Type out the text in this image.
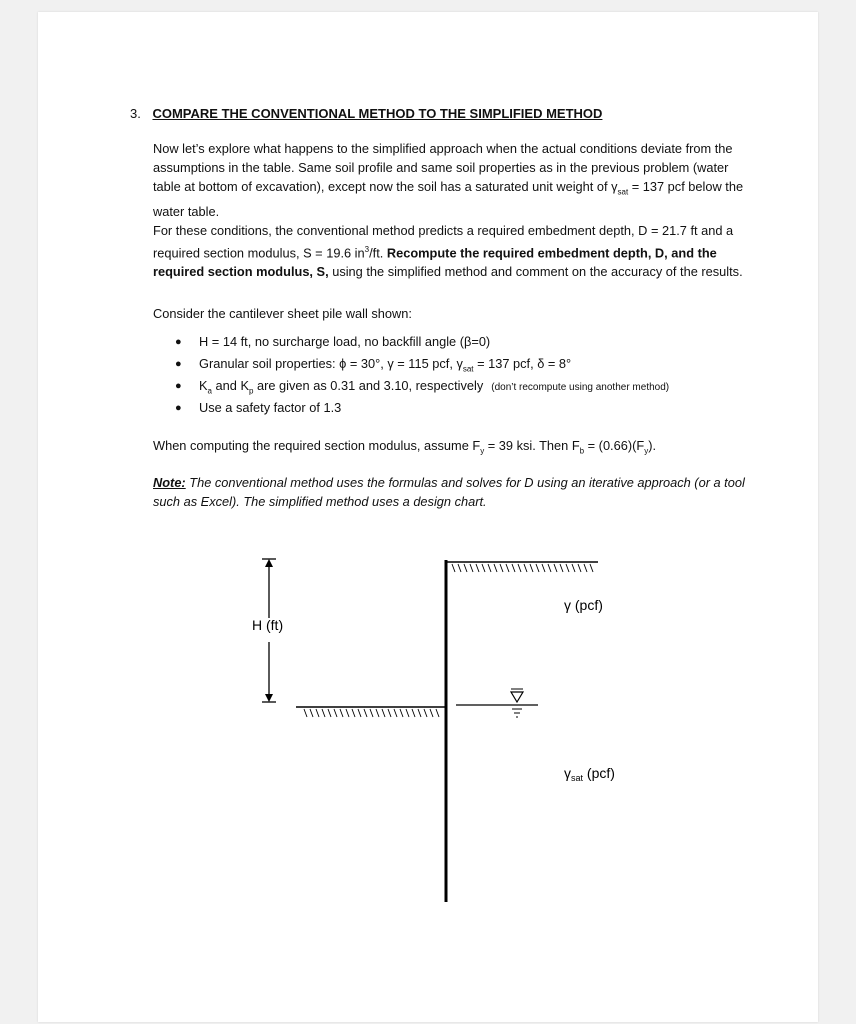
3. COMPARE THE CONVENTIONAL METHOD TO THE SIMPLIFIED METHOD
Now let’s explore what happens to the simplified approach when the actual conditions deviate from the assumptions in the table. Same soil profile and same soil properties as in the previous problem (water table at bottom of excavation), except now the soil has a saturated unit weight of $\gamma_{sat} = 137$ pcf below the water table.
For these conditions, the conventional method predicts a required embedment depth, D = 21.7 ft and a required section modulus, S = 19.6 $in^3/ft$. Recompute the required embedment depth, D, and the required section modulus, S, using the simplified method and comment on the accuracy of the results.
Consider the cantilever sheet pile wall shown:
● H = 14 ft, no surcharge load, no backfill angle (β=0)
● Granular soil properties: ϕ = 30°, γ = 115 pcf, $\gamma_{sat} = 137$ pcf, δ = 8°
● $K_a$ and $K_p$ are given as 0.31 and 3.10, respectively (don’t recompute using another method)
● Use a safety factor of 1.3
When computing the required section modulus, assume $F_y = 39$ ksi. Then $F_b = (0.66)(F_y)$.
Note: The conventional method uses the formulas and solves for D using an iterative approach (or a tool such as Excel). The simplified method uses a design chart.
H (ft)
γ (pcf)
$\gamma_{sat}$ (pcf)
